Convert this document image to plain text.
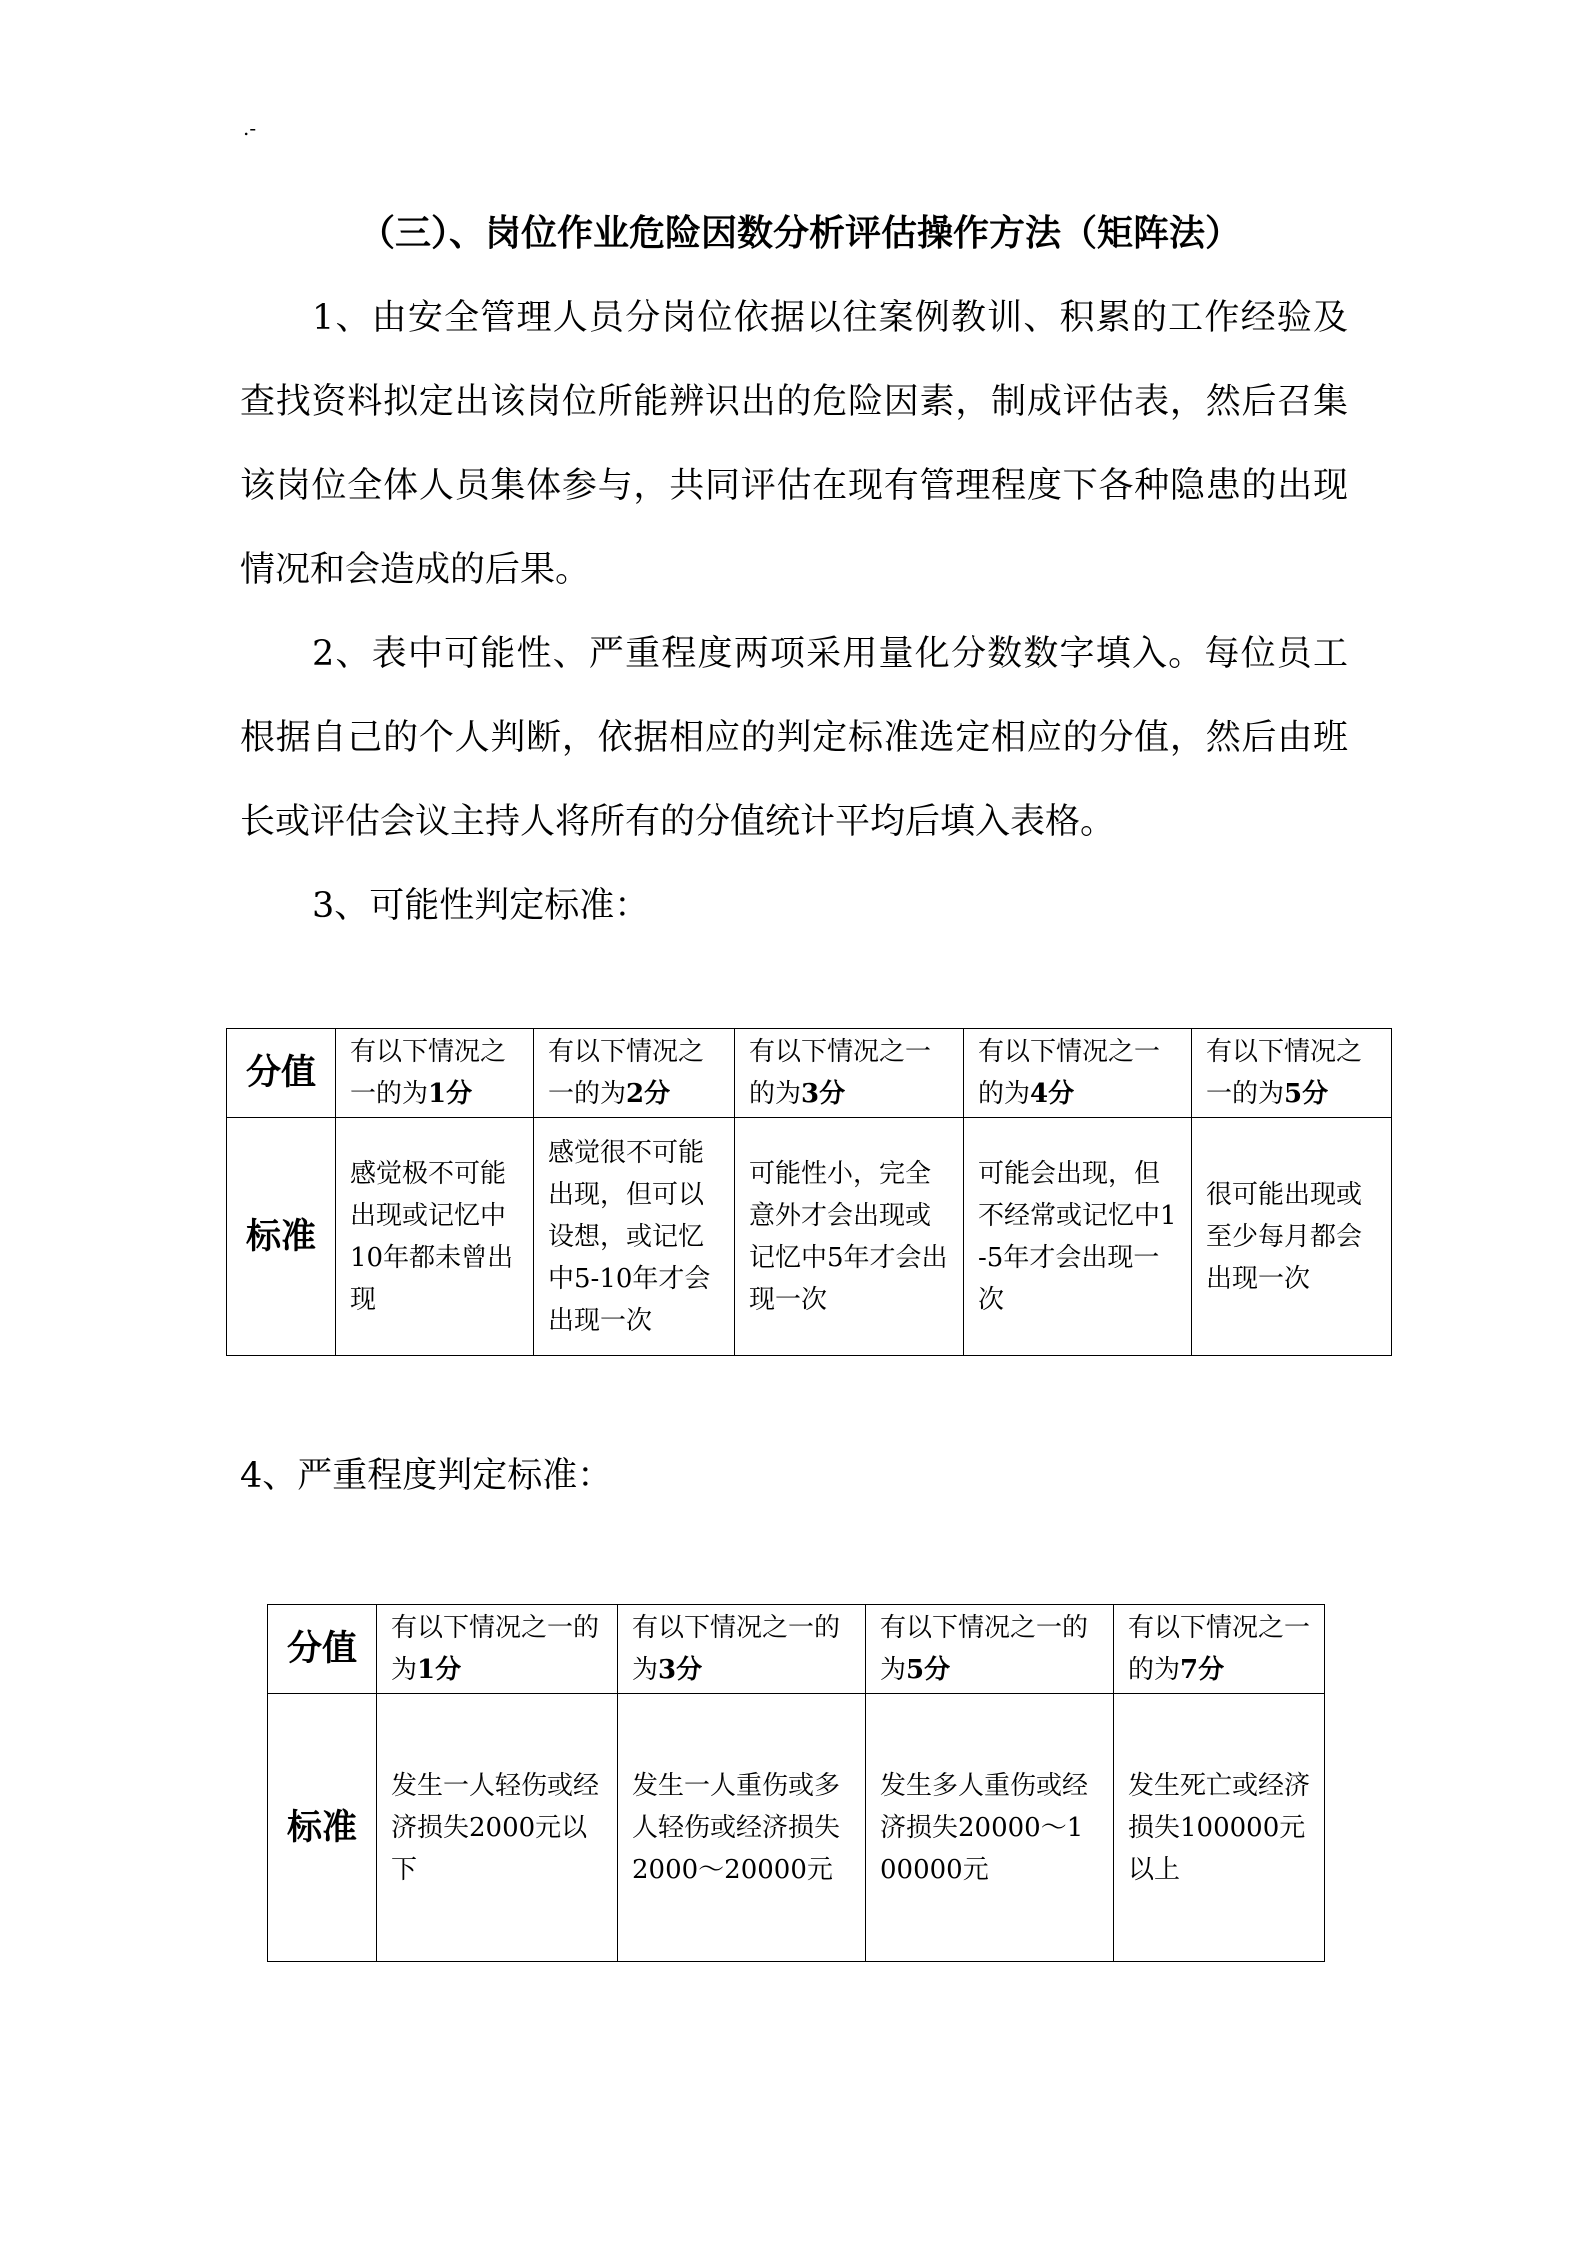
.-
（三）、岗位作业危险因数分析评估操作方法（矩阵法）

1、由安全管理人员分岗位依据以往案例教训、积累的工作经验及查找资料拟定出该岗位所能辨识出的危险因素，制成评估表，然后召集该岗位全体人员集体参与，共同评估在现有管理程度下各种隐患的出现情况和会造成的后果。

2、表中可能性、严重程度两项采用量化分数数字填入。每位员工根据自己的个人判断，依据相应的判定标准选定相应的分值，然后由班长或评估会议主持人将所有的分值统计平均后填入表格。

3、可能性判定标准：

分值	有以下情况之一的为1分	有以下情况之一的为2分	有以下情况之一的为3分	有以下情况之一的为4分	有以下情况之一的为5分
标准	感觉极不可能出现或记忆中10年都未曾出现	感觉很不可能出现，但可以设想，或记忆中5-10年才会出现一次	可能性小，完全意外才会出现或记忆中5年才会出现一次	可能会出现，但不经常或记忆中1-5年才会出现一次	很可能出现或至少每月都会出现一次

4、严重程度判定标准：

分值	有以下情况之一的为1分	有以下情况之一的为3分	有以下情况之一的为5分	有以下情况之一的为7分
标准	发生一人轻伤或经济损失2000元以下	发生一人重伤或多人轻伤或经济损失2000～20000元	发生多人重伤或经济损失20000～100000元	发生死亡或经济损失100000元以上
